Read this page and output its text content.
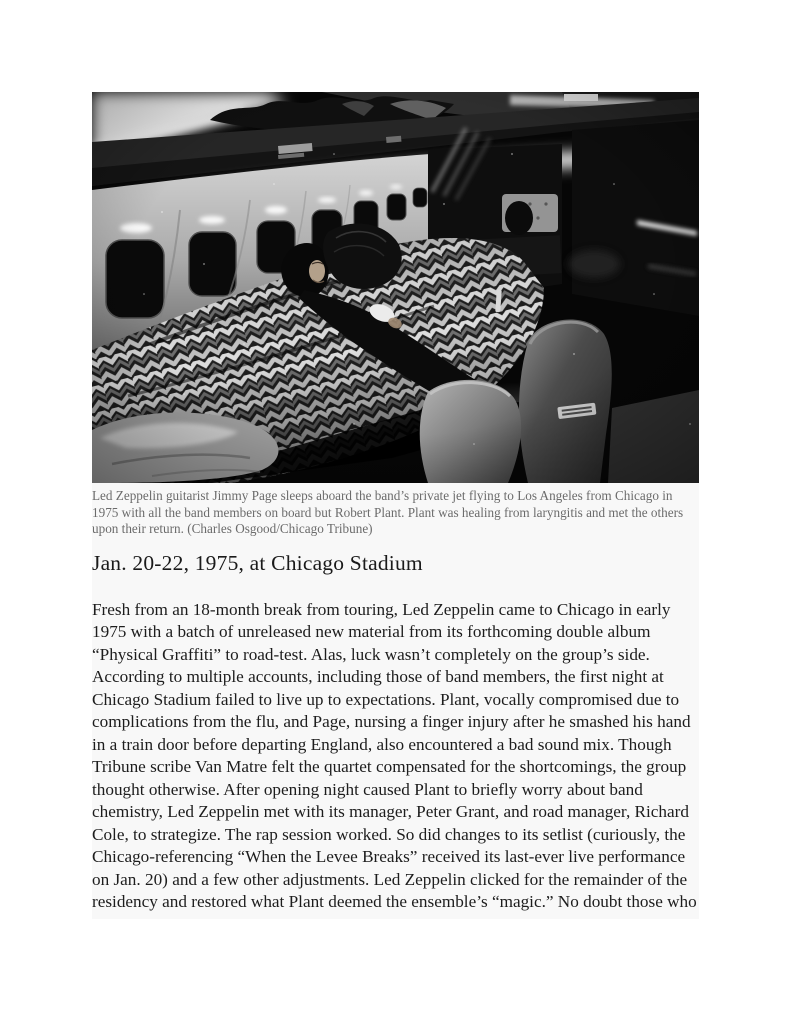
Led Zeppelin guitarist Jimmy Page sleeps aboard the band’s private jet flying to Los Angeles from Chicago in 1975 with all the band members on board but Robert Plant. Plant was healing from laryngitis and met the others upon their return. (Charles Osgood/Chicago Tribune)
Jan. 20-22, 1975, at Chicago Stadium

Fresh from an 18-month break from touring, Led Zeppelin came to Chicago in early 1975 with a batch of unreleased new material from its forthcoming double album “Physical Graffiti” to road-test. Alas, luck wasn’t completely on the group’s side. According to multiple accounts, including those of band members, the first night at Chicago Stadium failed to live up to expectations. Plant, vocally compromised due to complications from the flu, and Page, nursing a finger injury after he smashed his hand in a train door before departing England, also encountered a bad sound mix. Though Tribune scribe Van Matre felt the quartet compensated for the shortcomings, the group thought otherwise. After opening night caused Plant to briefly worry about band chemistry, Led Zeppelin met with its manager, Peter Grant, and road manager, Richard Cole, to strategize. The rap session worked. So did changes to its setlist (curiously, the Chicago-referencing “When the Levee Breaks” received its last-ever live performance on Jan. 20) and a few other adjustments. Led Zeppelin clicked for the remainder of the residency and restored what Plant deemed the ensemble’s “magic.” No doubt those who
